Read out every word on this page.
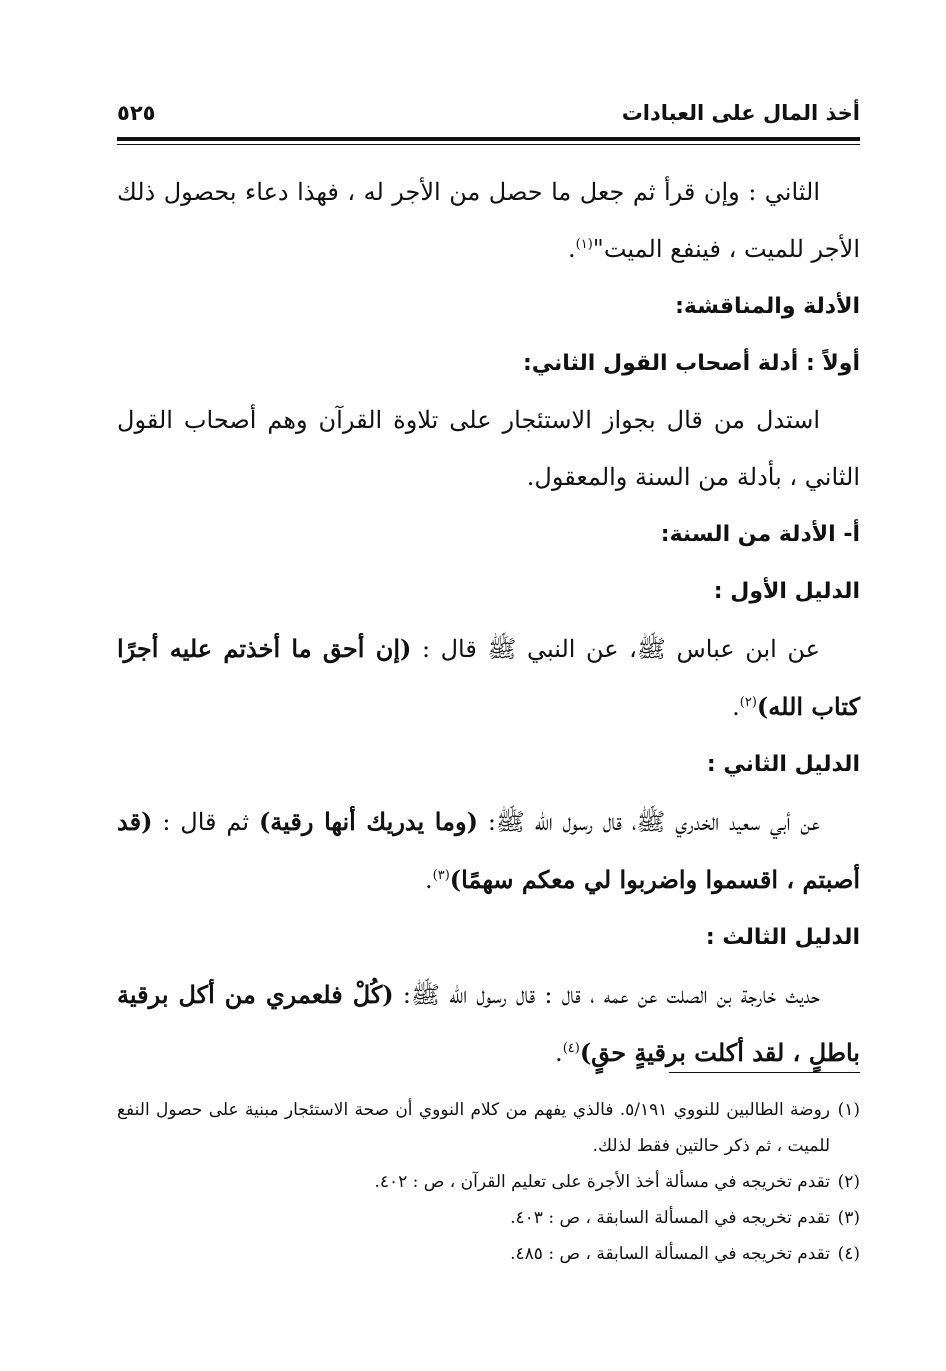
أخذ المال على العبادات
٥٢٥

الثاني : وإن قرأ ثم جعل ما حصل من الأجر له ، فهذا دعاء بحصول ذلك الأجر للميت ، فينفع الميت"$^{(١)}$.

الأدلة والمناقشة:

أولاً : أدلة أصحاب القول الثاني:

استدل من قال بجواز الاستئجار على تلاوة القرآن وهم أصحاب القول الثاني ، بأدلة من السنة والمعقول.

أ- الأدلة من السنة:

الدليل الأول :

عن ابن عباس ﷺ، عن النبي ﷺ قال : (إن أحق ما أخذتم عليه أجرًا كتاب الله)$^{(٢)}$.

الدليل الثاني :

عن أبي سعيد الخدري ﷺ، قال رسول اللّه ﷺ: (وما يدريك أنها رقية) ثم قال : (قد أصبتم ، اقسموا واضربوا لي معكم سهمًا)$^{(٣)}$.

الدليل الثالث :

حديث خارجة بن الصلت عن عمه ، قال : قال رسول الله ﷺ: (كُلْ فلعمري من أكل برقية باطلٍ ، لقد أكلت برقيةٍ حقٍ)$^{(٤)}$.

(١)روضة الطالبين للنووي ٥/١٩١. فالذي يفهم من كلام النووي أن صحة الاستئجار مبنية على حصول النفع للميت ، ثم ذكر حالتين فقط لذلك.

(٢)تقدم تخريجه في مسألة أخذ الأجرة على تعليم القرآن ، ص : ٤٠٢.

(٣)تقدم تخريجه في المسألة السابقة ، ص : ٤٠٣.

(٤)تقدم تخريجه في المسألة السابقة ، ص : ٤٨٥.
